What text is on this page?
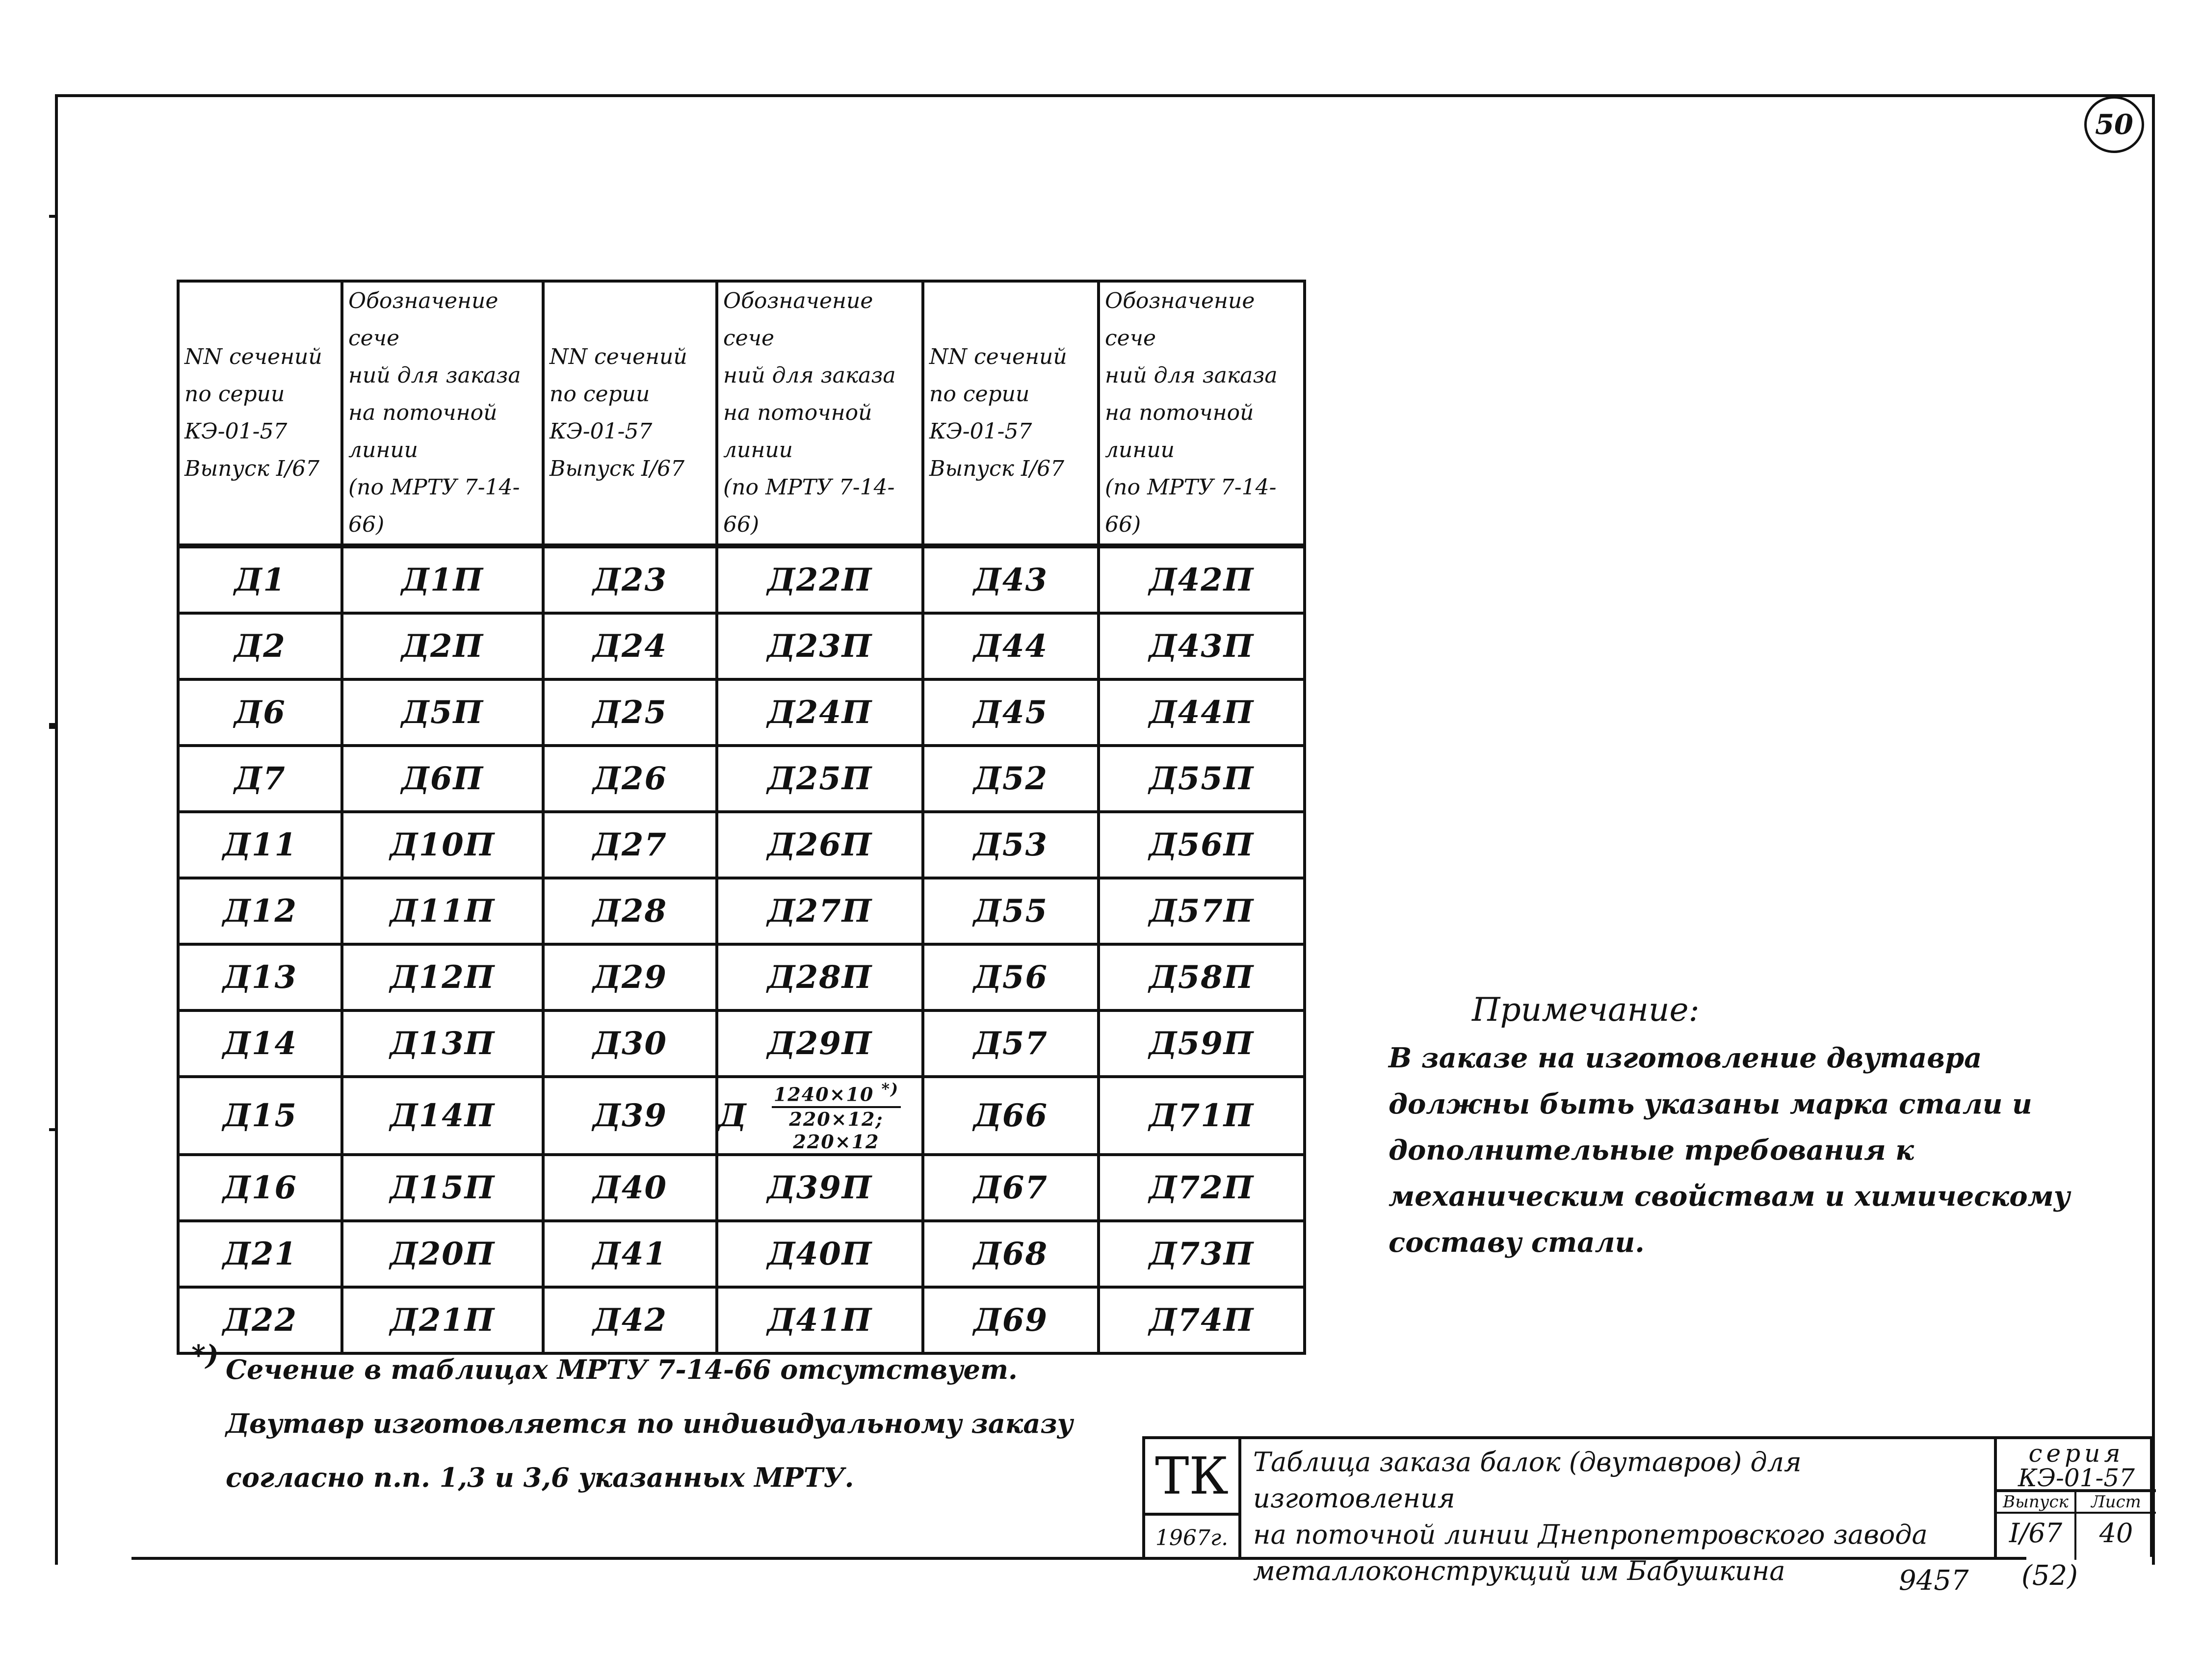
50
NN сечений
по серии
КЭ-01-57
Выпуск I/67	Обозначение сече
ний для заказа
на поточной линии
(по МРТУ 7-14-66)	NN сечений
по серии
КЭ-01-57
Выпуск I/67	Обозначение сече
ний для заказа
на поточной линии
(по МРТУ 7-14-66)	NN сечений
по серии
КЭ-01-57
Выпуск I/67	Обозначение сече
ний для заказа
на поточной линии
(по МРТУ 7-14-66)
Д1	Д1П	Д23	Д22П	Д43	Д42П
Д2	Д2П	Д24	Д23П	Д44	Д43П
Д6	Д5П	Д25	Д24П	Д45	Д44П
Д7	Д6П	Д26	Д25П	Д52	Д55П
Д11	Д10П	Д27	Д26П	Д53	Д56П
Д12	Д11П	Д28	Д27П	Д55	Д57П
Д13	Д12П	Д29	Д28П	Д56	Д58П
Д14	Д13П	Д30	Д29П	Д57	Д59П
Д15	Д14П	Д39	Д $\frac{1240\times 10 ^{*)}}{220\times 12; 220\times 12}$	Д66	Д71П
Д16	Д15П	Д40	Д39П	Д67	Д72П
Д21	Д20П	Д41	Д40П	Д68	Д73П
Д22	Д21П	Д42	Д41П	Д69	Д74П
Примечание:
В заказе на изготовление двутавра должны быть указаны марка стали и дополнительные требования к механическим свойствам и химическому составу стали.
*) Сечение в таблицах МРТУ 7-14-66 отсутствует.
Двутавр изготовляется по индивидуальному заказу
согласно п.п. 1,3 и 3,6 указанных МРТУ.	ТК
1967г.
Таблица заказа балок (двутавров) для изготовления
на поточной линии Днепропетровского завода
металлоконструкций им Бабушкина
серия
КЭ-01-57
Выпуск	Лист
I/67	40
9457 (52)
